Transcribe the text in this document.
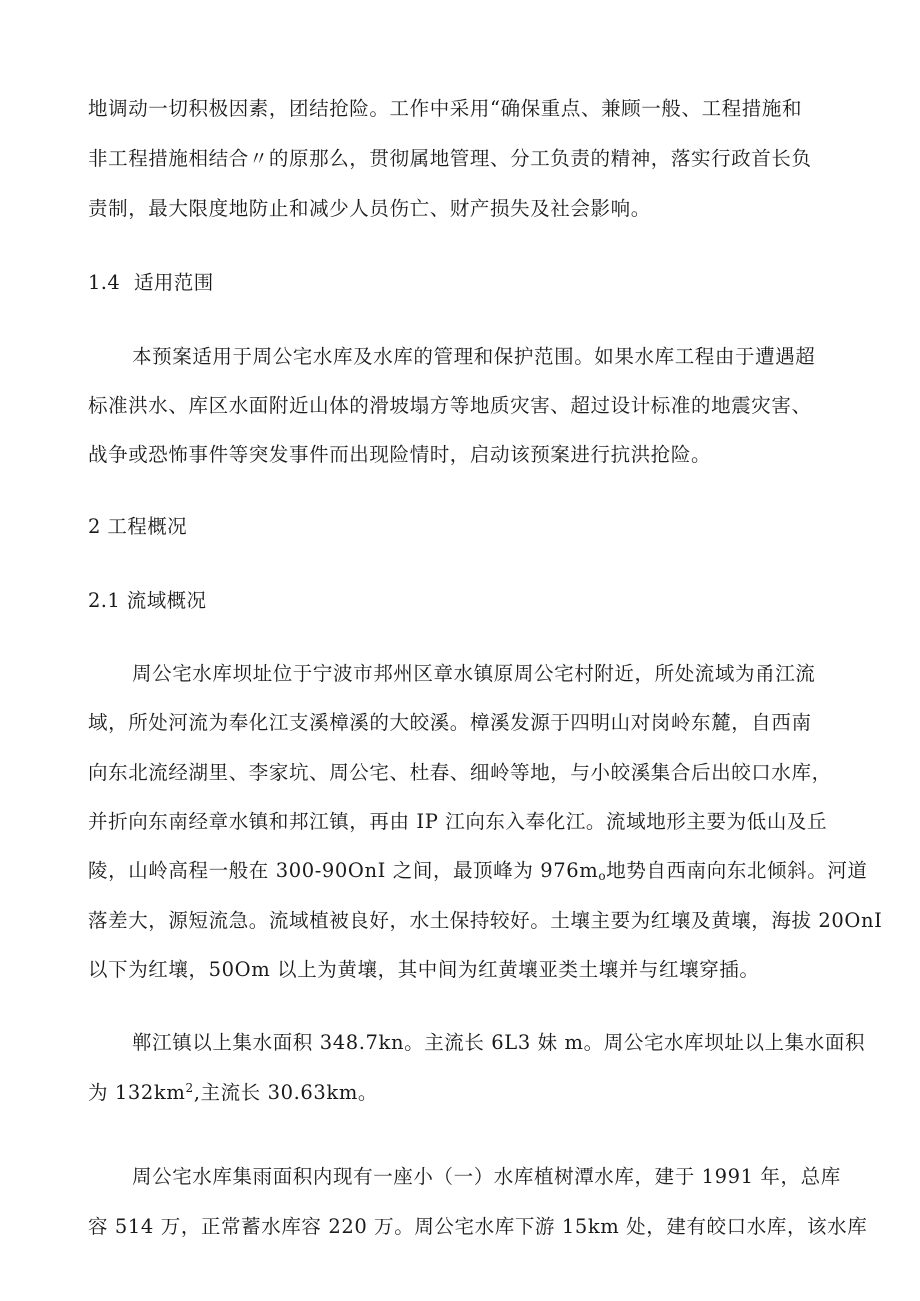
地调动一切积极因素，团结抢险。工作中采用“确保重点、兼顾一般、工程措施和
非工程措施相结合〃的原那么，贯彻属地管理、分工负责的精神，落实行政首长负
责制，最大限度地防止和减少人员伤亡、财产损失及社会影响。
1.4 适用范围
本预案适用于周公宅水库及水库的管理和保护范围。如果水库工程由于遭遇超
标准洪水、库区水面附近山体的滑坡塌方等地质灾害、超过设计标准的地震灾害、
战争或恐怖事件等突发事件而出现险情时，启动该预案进行抗洪抢险。
2 工程概况
2.1 流域概况
周公宅水库坝址位于宁波市邦州区章水镇原周公宅村附近，所处流域为甬江流
域，所处河流为奉化江支溪樟溪的大皎溪。樟溪发源于四明山对岗岭东麓，自西南
向东北流经湖里、李家坑、周公宅、杜春、细岭等地，与小皎溪集合后出皎口水库，
并折向东南经章水镇和邦江镇，再由 IP 江向东入奉化江。流域地形主要为低山及丘
陵，山岭高程一般在 300-90OnI 之间，最顶峰为 $976m_o$地势自西南向东北倾斜。河道
落差大，源短流急。流域植被良好，水土保持较好。土壤主要为红壤及黄壤，海拔 20OnI
以下为红壤，50Om 以上为黄壤，其中间为红黄壤亚类土壤并与红壤穿插。
郸江镇以上集水面积 348.7kn。主流长 6L3 妹 m。周公宅水库坝址以上集水面积
为 $132km^2$,主流长 30.63km。
周公宅水库集雨面积内现有一座小（一）水库植树潭水库，建于 1991 年，总库
容 514 万，正常蓄水库容 220 万。周公宅水库下游 15km 处，建有皎口水库，该水库
